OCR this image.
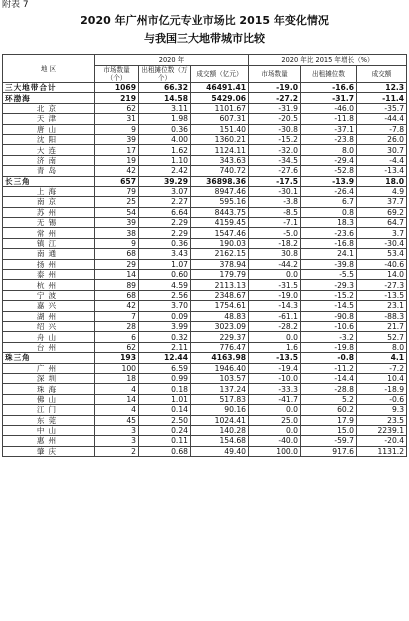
附表 7
2020 年广州市亿元专业市场比 2015 年变化情况
与我国三大地带城市比较
地 区	2020 年			2020 年比 2015 年增长（%）		
	市场数量（个）	出租摊位数（万个）	成交额（亿元）	市场数量	出租摊位数	成交额
三大地带合计	1069	66.32	46491.41	-19.0	-16.6	12.3
环渤海	219	14.58	5429.06	-27.2	-31.7	-11.4
北京	62	3.11	1101.67	-31.9	-46.0	-35.7
天津	31	1.98	607.31	-20.5	-11.8	-44.4
唐山	9	0.36	151.40	-30.8	-37.1	-7.8
沈阳	39	4.00	1360.21	-15.2	-23.8	26.0
大连	17	1.62	1124.11	-32.0	8.0	30.7
济南	19	1.10	343.63	-34.5	-29.4	-4.4
青岛	42	2.42	740.72	-27.6	-52.8	-13.4
长三角	657	39.29	36898.36	-17.5	-13.9	18.0
上海	79	3.07	8947.46	-30.1	-26.4	4.9
南京	25	2.27	595.16	-3.8	6.7	37.7
苏州	54	6.64	8443.75	-8.5	0.8	69.2
无锡	39	2.29	4159.45	-7.1	18.3	64.7
常州	38	2.29	1547.46	-5.0	-23.6	3.7
镇江	9	0.36	190.03	-18.2	-16.8	-30.4
南通	68	3.43	2162.15	30.8	24.1	53.4
扬州	29	1.07	378.94	-44.2	-39.8	-40.6
泰州	14	0.60	179.79	0.0	-5.5	14.0
杭州	89	4.59	2113.13	-31.5	-29.3	-27.3
宁波	68	2.56	2348.67	-19.0	-15.2	-13.5
嘉兴	42	3.70	1754.61	-14.3	-14.5	23.1
湖州	7	0.09	48.83	-61.1	-90.8	-88.3
绍兴	28	3.99	3023.09	-28.2	-10.6	21.7
舟山	6	0.32	229.37	0.0	-3.2	52.7
台州	62	2.11	776.47	1.6	-19.8	8.0
珠三角	193	12.44	4163.98	-13.5	-0.8	4.1
广州	100	6.59	1946.40	-19.4	-11.2	-7.2
深圳	18	0.99	103.57	-10.0	-14.4	10.4
珠海	4	0.18	137.24	-33.3	-28.8	-18.9
佛山	14	1.01	517.83	-41.7	5.2	-0.6
江门	4	0.14	90.16	0.0	60.2	9.3
东莞	45	2.50	1024.41	25.0	17.9	23.5
中山	3	0.24	140.28	0.0	15.0	2239.1
惠州	3	0.11	154.68	-40.0	-59.7	-20.4
肇庆	2	0.68	49.40	100.0	917.6	1131.2
